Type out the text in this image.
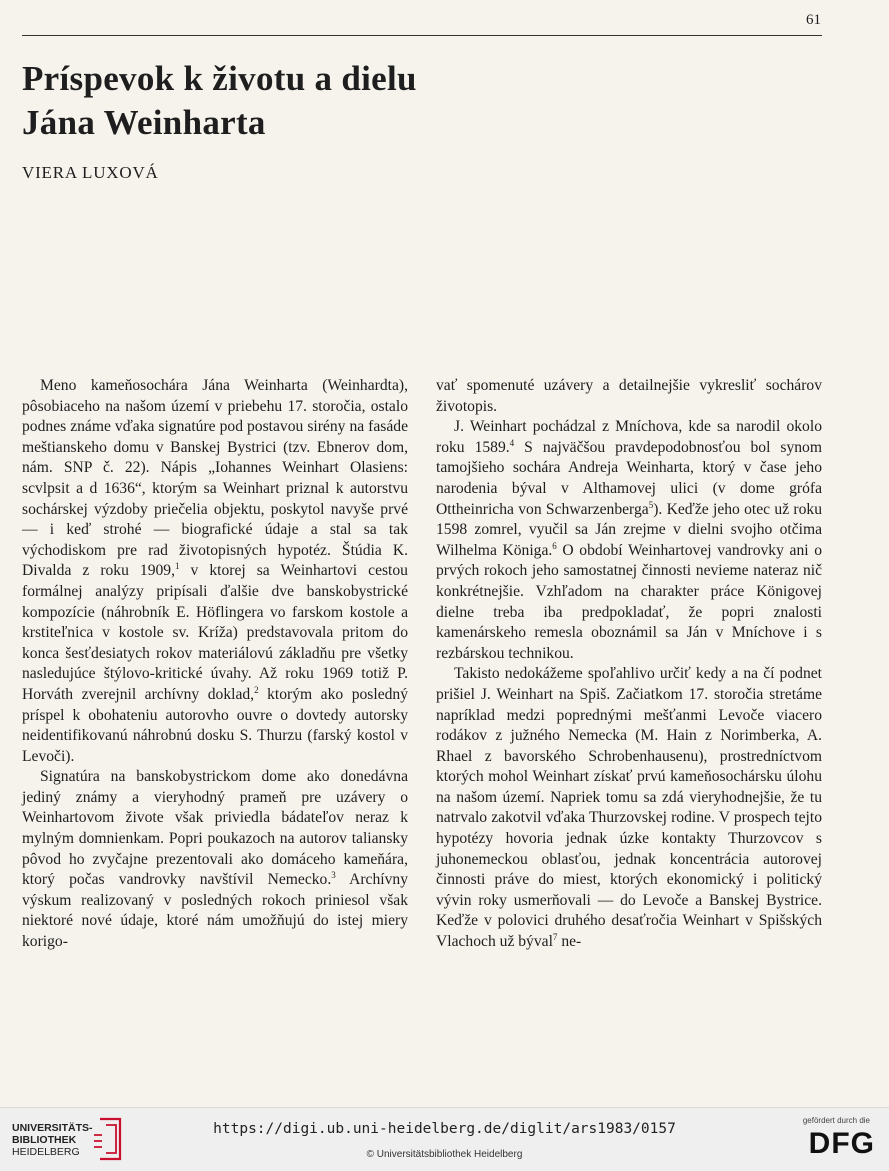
61
Príspevok k životu a dielu
Jána Weinharta
VIERA LUXOVÁ

Meno kameňosochára Jána Weinharta (Weinhardta), pôsobiaceho na našom území v priebehu 17. storočia, ostalo podnes známe vďaka signatúre pod postavou sirény na fasáde meštianskeho domu v Banskej Bystrici (tzv. Ebnerov dom, nám. SNP č. 22). Nápis „Iohannes Weinhart Olasiens: scvlpsit a d 1636“, ktorým sa Weinhart priznal k autorstvu sochárskej výzdoby priečelia objektu, poskytol navyše prvé — i keď strohé — biografické údaje a stal sa tak východiskom pre rad životopisných hypotéz. Štúdia K. Divalda z roku 1909,$^1$ v ktorej sa Weinhartovi cestou formálnej analýzy pripísali ďalšie dve banskobystrické kompozície (náhrobník E. Höflingera vo farskom kostole a krstiteľnica v kostole sv. Kríža) predstavovala pritom do konca šesťdesiatych rokov materiálovú základňu pre všetky nasledujúce štýlovo-kritické úvahy. Až roku 1969 totiž P. Horváth zverejnil archívny doklad,$^2$ ktorým ako posledný príspel k obohateniu autorovho ouvre o dovtedy autorsky neidentifikovanú náhrobnú dosku S. Thurzu (farský kostol v Levoči).

Signatúra na banskobystrickom dome ako donedávna jediný známy a vieryhodný prameň pre uzávery o Weinhartovom živote však priviedla bádateľov neraz k mylným domnienkam. Popri poukazoch na autorov taliansky pôvod ho zvyčajne prezentovali ako domáceho kameňára, ktorý počas vandrovky navštívil Nemecko.$^3$ Archívny výskum realizovaný v posledných rokoch priniesol však niektoré nové údaje, ktoré nám umožňujú do istej miery korigo-

vať spomenuté uzávery a detailnejšie vykresliť sochárov životopis.

J. Weinhart pochádzal z Mníchova, kde sa narodil okolo roku 1589.$^4$ S najväčšou pravdepodobnosťou bol synom tamojšieho sochára Andreja Weinharta, ktorý v čase jeho narodenia býval v Althamovej ulici (v dome grófa Ottheinricha von Schwarzenberga$^5$). Keďže jeho otec už roku 1598 zomrel, vyučil sa Ján zrejme v dielni svojho otčima Wilhelma Königa.$^6$ O období Weinhartovej vandrovky ani o prvých rokoch jeho samostatnej činnosti nevieme nateraz nič konkrétnejšie. Vzhľadom na charakter práce Königovej dielne treba iba predpokladať, že popri znalosti kamenárskeho remesla oboznámil sa Ján v Mníchove i s rezbárskou technikou.

Takisto nedokážeme spoľahlivo určiť kedy a na čí podnet prišiel J. Weinhart na Spiš. Začiatkom 17. storočia stretáme napríklad medzi poprednými mešťanmi Levoče viacero rodákov z južného Nemecka (M. Hain z Norimberka, A. Rhael z bavorského Schrobenhausenu), prostredníctvom ktorých mohol Weinhart získať prvú kameňosochársku úlohu na našom území. Napriek tomu sa zdá vieryhodnejšie, že tu natrvalo zakotvil vďaka Thurzovskej rodine. V prospech tejto hypotézy hovoria jednak úzke kontakty Thurzovcov s juhonemeckou oblasťou, jednak koncentrácia autorovej činnosti práve do miest, ktorých ekonomický i politický vývin roky usmerňovali — do Levoče a Banskej Bystrice. Keďže v polovici druhého desaťročia Weinhart v Spišských Vlachoch už býval$^7$ ne-

UNIVERSITÄTS-
BIBLIOTHEK
HEIDELBERG
https://digi.ub.uni-heidelberg.de/diglit/ars1983/0157
© Universitätsbibliothek Heidelberg
gefördert durch die
DFG
